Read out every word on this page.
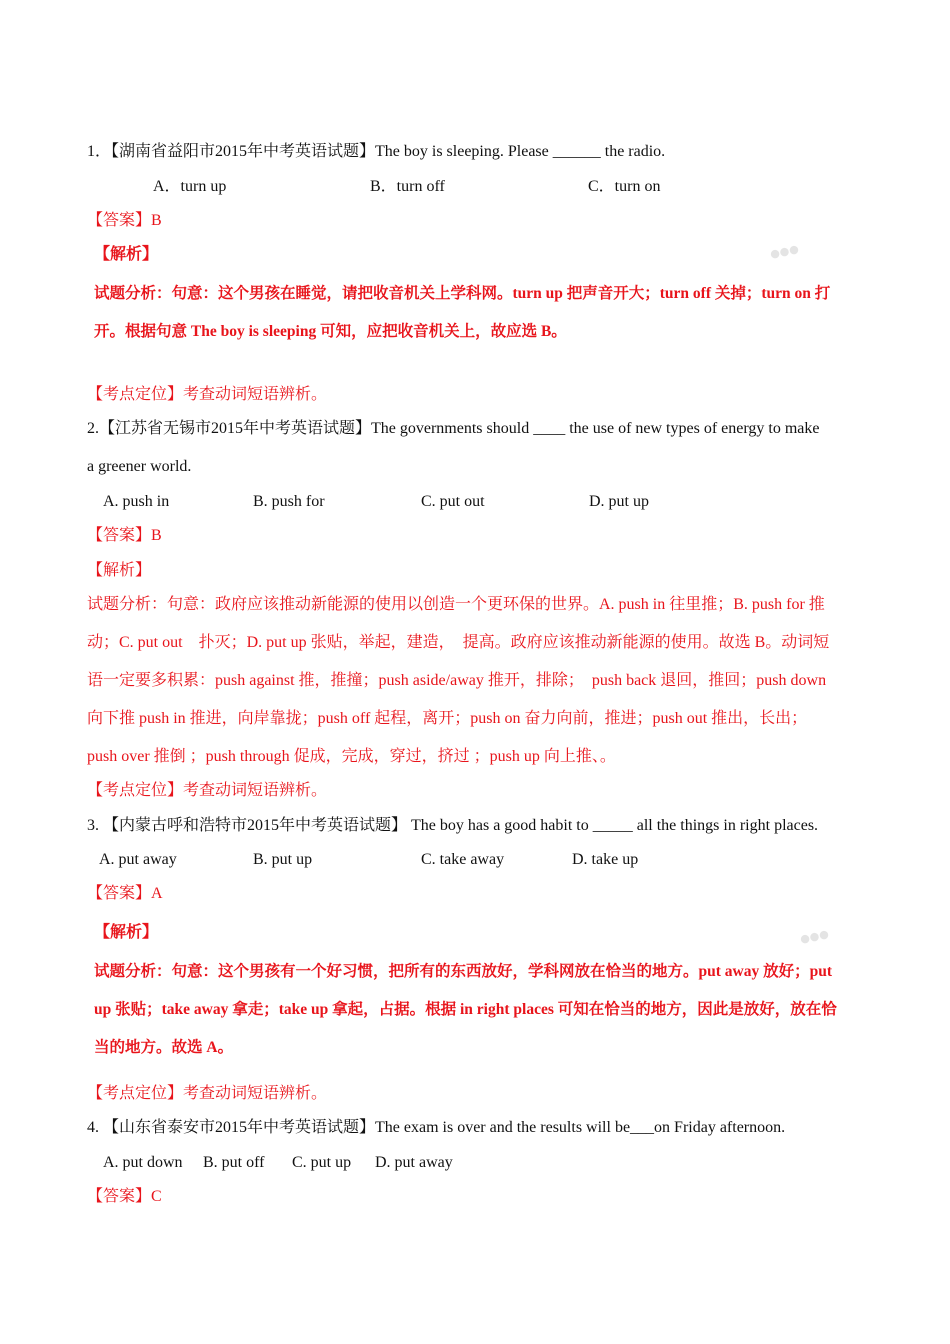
●●●
●●●
1．【湖南省益阳市2015年中考英语试题】The boy is sleeping. Please ______ the radio.
A．turn up	B．turn off	C．turn on
【答案】B
【解析】
试题分析：句意：这个男孩在睡觉，请把收音机关上学科网。turn up 把声音开大；turn off 关掉；turn on 打
开。根据句意 The boy is sleeping 可知，应把收音机关上，故应选 B。
【考点定位】考查动词短语辨析。
2.【江苏省无锡市2015年中考英语试题】The governments should ____ the use of new types of energy to make
a greener world.
A. push in	B. push for	C. put out	D. put up
【答案】B
【解析】
试题分析：句意：政府应该推动新能源的使用以创造一个更环保的世界。A. push in 往里推；B. push for 推
动；C. put out　扑灭；D. put up 张贴，举起，建造，　提高。政府应该推动新能源的使用。故选 B。动词短
语一定要多积累：push against 推，推撞；push aside/away 推开，排除；　push back 退回，推回；push down
向下推 push in 推进，向岸靠拢；push off 起程，离开；push on 奋力向前，推进；push out 推出，长出；
push over 推倒 ；push through 促成，完成，穿过，挤过 ；push up 向上推、。
【考点定位】考查动词短语辨析。
3. 【内蒙古呼和浩特市2015年中考英语试题】 The boy has a good habit to _____ all the things in right places.
A. put away	B. put up	C. take away	D. take up
【答案】A
【解析】
试题分析：句意：这个男孩有一个好习惯，把所有的东西放好，学科网放在恰当的地方。put away 放好；put
up 张贴；take away 拿走；take up 拿起，占据。根据 in right places 可知在恰当的地方，因此是放好，放在恰
当的地方。故选 A。
【考点定位】考查动词短语辨析。
4. 【山东省泰安市2015年中考英语试题】The exam is over and the results will be___on Friday afternoon.
A. put down B. put off C. put up D. put away
【答案】C
